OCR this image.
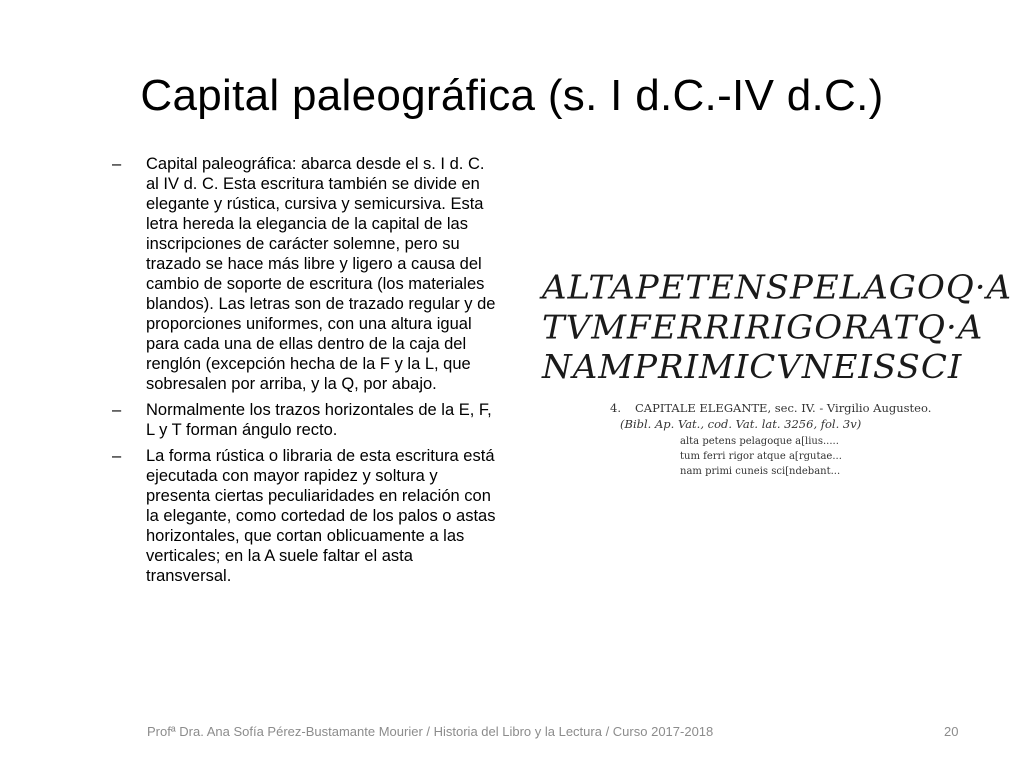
Capital paleográfica (s. I d.C.-IV d.C.)
– Capital paleográfica: abarca desde el s. I d. C. al IV d. C. Esta escritura también se divide en elegante y rústica, cursiva y semicursiva. Esta letra hereda la elegancia de la capital de las inscripciones de carácter solemne, pero su trazado se hace más libre y ligero a causa del cambio de soporte de escritura (los materiales blandos). Las letras son de trazado regular y de proporciones uniformes, con una altura igual para cada una de ellas dentro de la caja del renglón (excepción hecha de la F y la L, que sobresalen por arriba, y la Q, por abajo.
– Normalmente los trazos horizontales de la E, F, L y T forman ángulo recto.
– La forma rústica o libraria de esta escritura está ejecutada con mayor rapidez y soltura y presenta ciertas peculiaridades en relación con la elegante, como cortedad de los palos o astas horizontales, que cortan oblicuamente a las verticales; en la A suele faltar el asta transversal.
ALTAPETENSPELAGOQ·A
TVMFERRIRIGORATQ·A
NAMPRIMICVNEISSCI
4. CAPITALE ELEGANTE, sec. IV. - Virgilio Augusteo.
(Bibl. Ap. Vat., cod. Vat. lat. 3256, fol. 3v)
alta petens pelagoque a[lius.....
tum ferri rigor atque a[rgutae...
nam primi cuneis sci[ndebant...
Profª Dra. Ana Sofía Pérez-Bustamante Mourier / Historia del Libro y la Lectura / Curso 2017-2018	20
